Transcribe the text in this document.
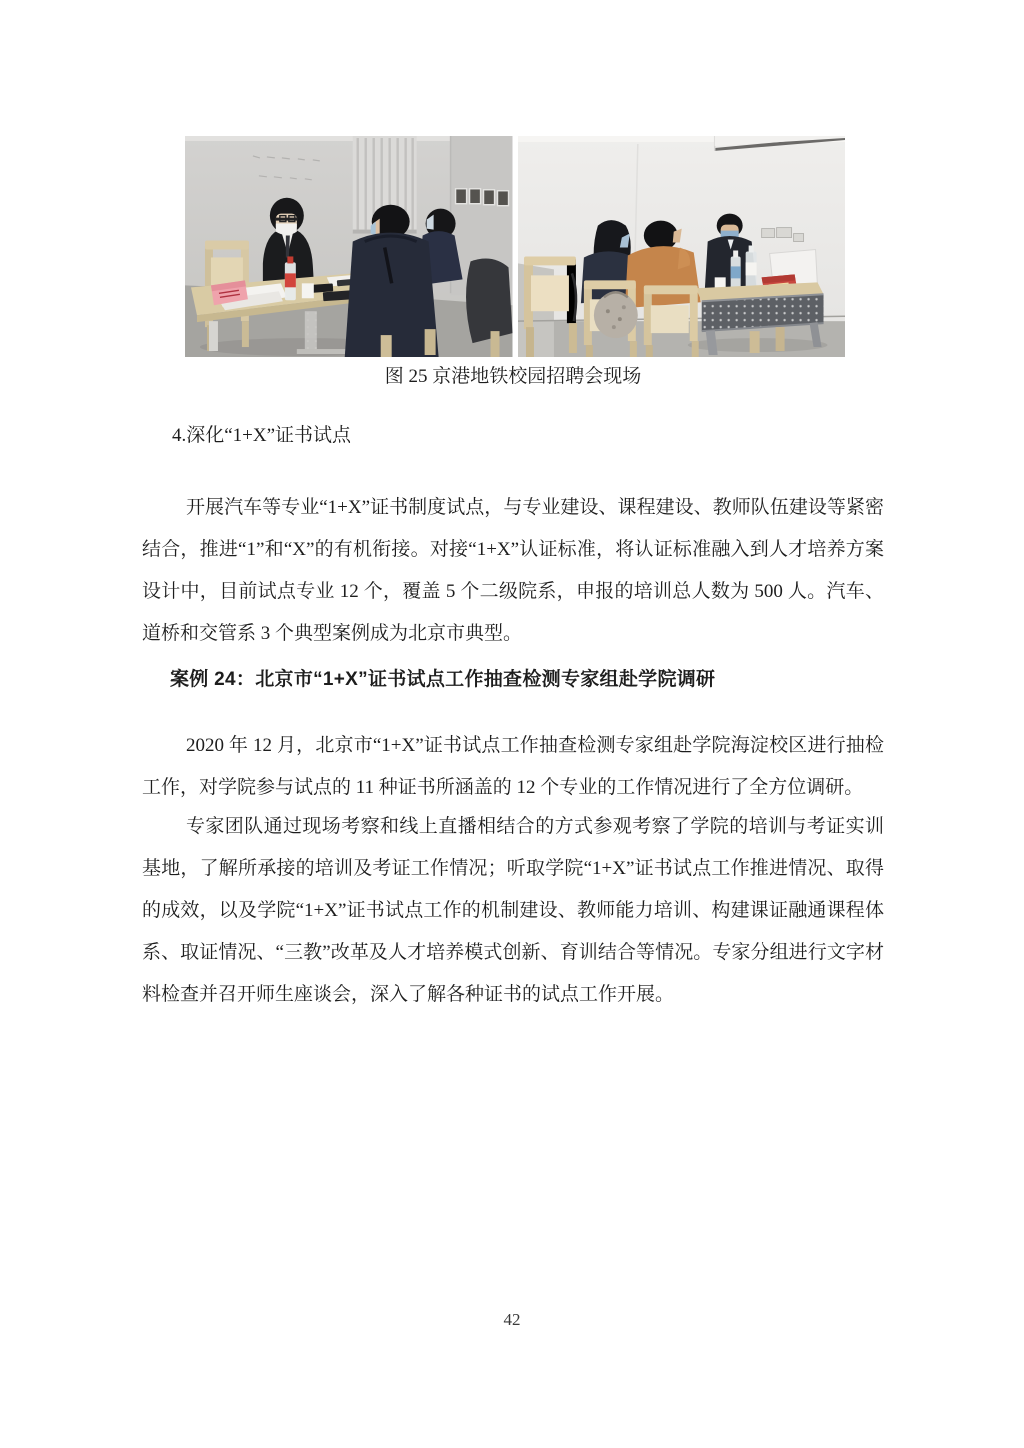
图 25 京港地铁校园招聘会现场
4.深化“1+X”证书试点

开展汽车等专业“1+X”证书制度试点，与专业建设、课程建设、教师队伍建设等紧密结合，推进“1”和“X”的有机衔接。对接“1+X”认证标准，将认证标准融入到人才培养方案设计中，目前试点专业 12 个，覆盖 5 个二级院系，申报的培训总人数为 500 人。汽车、道桥和交管系 3 个典型案例成为北京市典型。

案例 24：北京市“1+X”证书试点工作抽查检测专家组赴学院调研

2020 年 12 月，北京市“1+X”证书试点工作抽查检测专家组赴学院海淀校区进行抽检工作，对学院参与试点的 11 种证书所涵盖的 12 个专业的工作情况进行了全方位调研。

专家团队通过现场考察和线上直播相结合的方式参观考察了学院的培训与考证实训基地，了解所承接的培训及考证工作情况；听取学院“1+X”证书试点工作推进情况、取得的成效，以及学院“1+X”证书试点工作的机制建设、教师能力培训、构建课证融通课程体系、取证情况、“三教”改革及人才培养模式创新、育训结合等情况。专家分组进行文字材料检查并召开师生座谈会，深入了解各种证书的试点工作开展。

42
